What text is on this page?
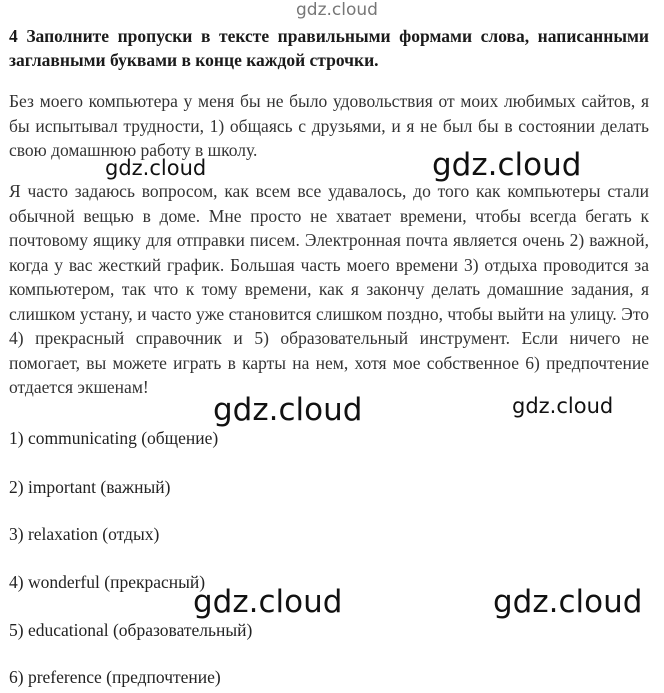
gdz.cloud
4 Заполните пропуски в тексте правильными формами слова, написанными заглавными буквами в конце каждой строчки.
Без моего компьютера у меня бы не было удовольствия от моих любимых сайтов, я бы испытывал трудности, 1) общаясь с друзьями, и я не был бы в состоянии делать свою домашнюю работу в школу.
Я часто задаюсь вопросом, как всем все удавалось, до того как компьютеры стали обычной вещью в доме. Мне просто не хватает времени, чтобы всегда бегать к почтовому ящику для отправки писем. Электронная почта является очень 2) важной, когда у вас жесткий график. Большая часть моего времени 3) отдыха проводится за компьютером, так что к тому времени, как я закончу делать домашние задания, я слишком устану, и часто уже становится слишком поздно, чтобы выйти на улицу. Это 4) прекрасный справочник и 5) образовательный инструмент. Если ничего не помогает, вы можете играть в карты на нем, хотя мое собственное 6) предпочтение отдается экшенам!
1) communicating (общение)
2) important (важный)
3) relaxation (отдых)
4) wonderful (прекрасный)
5) educational (образовательный)
6) preference (предпочтение)
gdz.cloud	gdz.cloud
gdz.cloud	gdz.cloud
gdz.cloud	gdz.cloud
